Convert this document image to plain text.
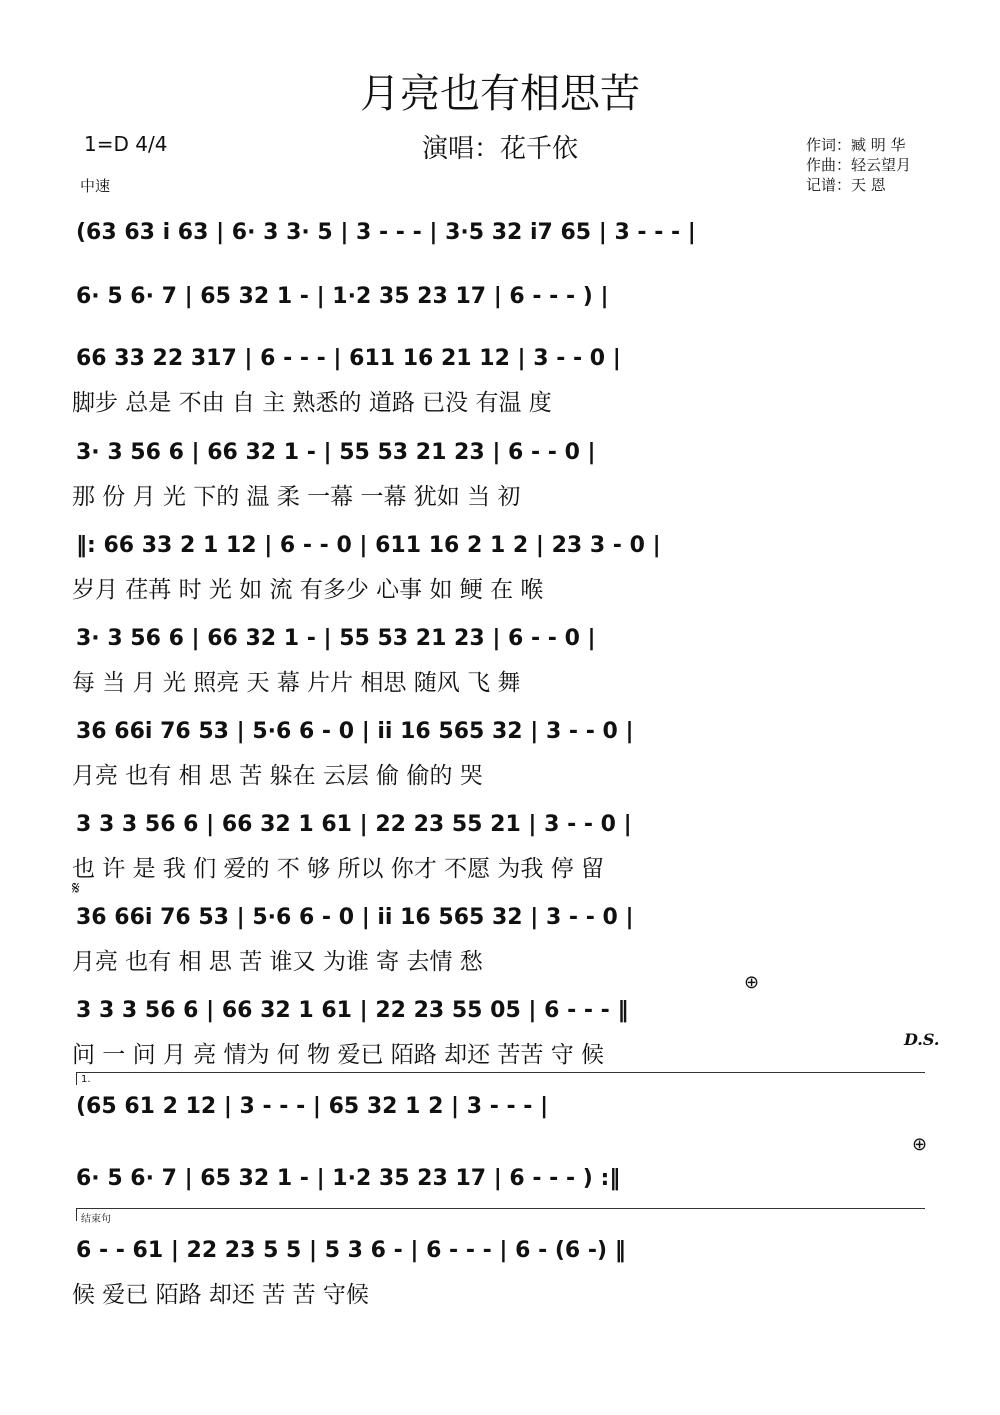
月亮也有相思苦
演唱：花千依
1=D 4/4
中速
作词：臧 明 华
作曲：轻云望月
记谱：天 恩
(63 63 i 63 | 6· 3 3· 5 | 3 - - - | 3·5 32 i7 65 | 3 - - - |
6· 5 6· 7 | 65 32 1 - | 1·2 35 23 17 | 6 - - - ) |
66 33 22 317 | 6 - - - | 611 16 21 12 | 3 - - 0 |
脚步 总是 不由 自 主 熟悉的 道路 已没 有温 度
3· 3 56 6 | 66 32 1 - | 55 53 21 23 | 6 - - 0 |
那 份 月 光 下的 温 柔 一幕 一幕 犹如 当 初
‖: 66 33 2 1 12 | 6 - - 0 | 611 16 2 1 2 | 23 3 - 0 |
岁月 荏苒 时 光 如 流 有多少 心事 如 鲠 在 喉
3· 3 56 6 | 66 32 1 - | 55 53 21 23 | 6 - - 0 |
每 当 月 光 照亮 天 幕 片片 相思 随风 飞 舞
36 66i 76 53 | 5·6 6 - 0 | ii 16 565 32 | 3 - - 0 |
月亮 也有 相 思 苦 躲在 云层 偷 偷的 哭
3 3 3 56 6 | 66 32 1 61 | 22 23 55 21 | 3 - - 0 |
也 许 是 我 们 爱的 不 够 所以 你才 不愿 为我 停 留
𝄋
36 66i 76 53 | 5·6 6 - 0 | ii 16 565 32 | 3 - - 0 |
月亮 也有 相 思 苦 谁又 为谁 寄 去情 愁
⊕
3 3 3 56 6 | 66 32 1 61 | 22 23 55 05 | 6 - - - ‖
问 一 问 月 亮 情为 何 物 爱已 陌路 却还 苦苦 守 候
D.S.
1.
(65 61 2 12 | 3 - - - | 65 32 1 2 | 3 - - - |
⊕
6· 5 6· 7 | 65 32 1 - | 1·2 35 23 17 | 6 - - - ) :‖
结束句
6 - - 61 | 22 23 5 5 | 5 3 6 - | 6 - - - | 6 - (6 -) ‖
候 爱已 陌路 却还 苦 苦 守候
